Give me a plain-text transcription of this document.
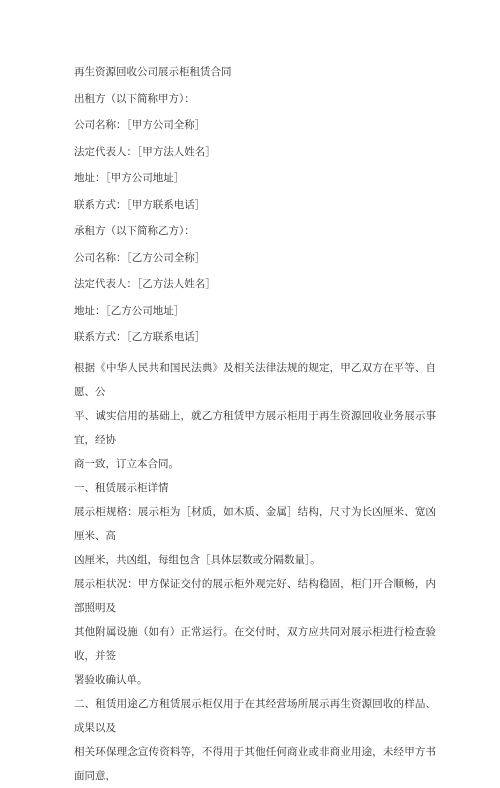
再生资源回收公司展示柜租赁合同

出租方（以下简称甲方）：

公司名称：［甲方公司全称］

法定代表人：［甲方法人姓名］

地址：［甲方公司地址］

联系方式：［甲方联系电话］

承租方（以下简称乙方）：

公司名称：［乙方公司全称］

法定代表人：［乙方法人姓名］

地址：［乙方公司地址］

联系方式：［乙方联系电话］

根据《中华人民共和国民法典》及相关法律法规的规定，甲乙双方在平等、自愿、公

平、诚实信用的基础上，就乙方租赁甲方展示柜用于再生资源回收业务展示事宜，经协

商一致，订立本合同。

一、租赁展示柜详情

展示柜规格：展示柜为［材质，如木质、金属］结构，尺寸为长凶厘米、宽凶厘米、高

凶厘米，共凶组，每组包含［具体层数或分隔数量］。

展示柜状况：甲方保证交付的展示柜外观完好、结构稳固，柜门开合顺畅，内部照明及

其他附属设施（如有）正常运行。在交付时，双方应共同对展示柜进行检查验收，并签

署验收确认单。

二、租赁用途乙方租赁展示柜仅用于在其经营场所展示再生资源回收的样品、成果以及

相关环保理念宣传资料等，不得用于其他任何商业或非商业用途，未经甲方书面同意，
